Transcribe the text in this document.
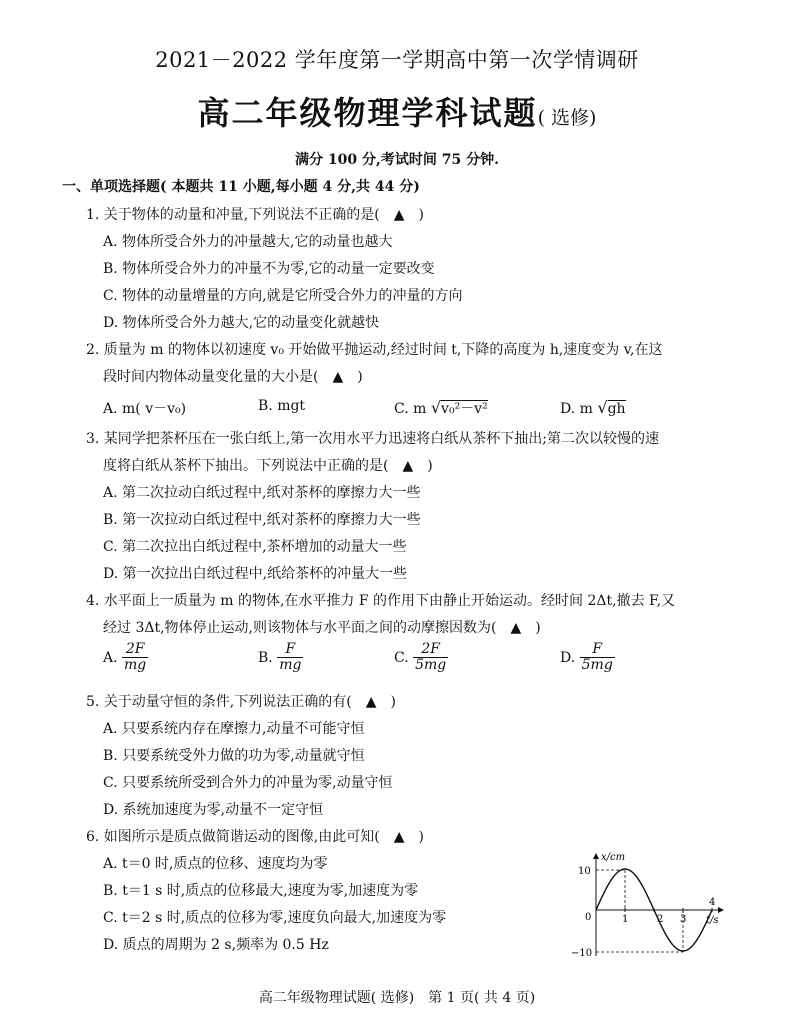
2021－2022 学年度第一学期高中第一次学情调研
高二年级物理学科试题( 选修)
满分 100 分,考试时间 75 分钟.
一、单项选择题( 本题共 11 小题,每小题 4 分,共 44 分)
1. 关于物体的动量和冲量,下列说法不正确的是(　▲　)
A. 物体所受合外力的冲量越大,它的动量也越大
B. 物体所受合外力的冲量不为零,它的动量一定要改变
C. 物体的动量增量的方向,就是它所受合外力的冲量的方向
D. 物体所受合外力越大,它的动量变化就越快
2. 质量为 m 的物体以初速度 v₀ 开始做平抛运动,经过时间 t,下降的高度为 h,速度变为 v,在这
段时间内物体动量变化量的大小是(　▲　)
A. m( v－v₀)	B. mgt	C. m √v₀²－v²	D. m √gh
3. 某同学把茶杯压在一张白纸上,第一次用水平力迅速将白纸从茶杯下抽出;第二次以较慢的速
度将白纸从茶杯下抽出。下列说法中正确的是(　▲　)
A. 第二次拉动白纸过程中,纸对茶杯的摩擦力大一些
B. 第一次拉动白纸过程中,纸对茶杯的摩擦力大一些
C. 第二次拉出白纸过程中,茶杯增加的动量大一些
D. 第一次拉出白纸过程中,纸给茶杯的冲量大一些
4. 水平面上一质量为 m 的物体,在水平推力 F 的作用下由静止开始运动。经时间 2Δt,撤去 F,又
经过 3Δt,物体停止运动,则该物体与水平面之间的动摩擦因数为(　▲　)
A. $\frac{2F}{mg}$	B. $\frac{F}{mg}$	C. $\frac{2F}{5mg}$	D. $\frac{F}{5mg}$
5. 关于动量守恒的条件,下列说法正确的有(　▲　)
A. 只要系统内存在摩擦力,动量不可能守恒
B. 只要系统受外力做的功为零,动量就守恒
C. 只要系统所受到合外力的冲量为零,动量守恒
D. 系统加速度为零,动量不一定守恒
6. 如图所示是质点做简谐运动的图像,由此可知(　▲　)
A. t＝0 时,质点的位移、速度均为零
B. t＝1 s 时,质点的位移最大,速度为零,加速度为零
C. t＝2 s 时,质点的位移为零,速度负向最大,加速度为零
D. 质点的周期为 2 s,频率为 0.5 Hz
x/cm
t/s
10
−10
0	1	2 3
4
高二年级物理试题( 选修)　第 1 页( 共 4 页)
